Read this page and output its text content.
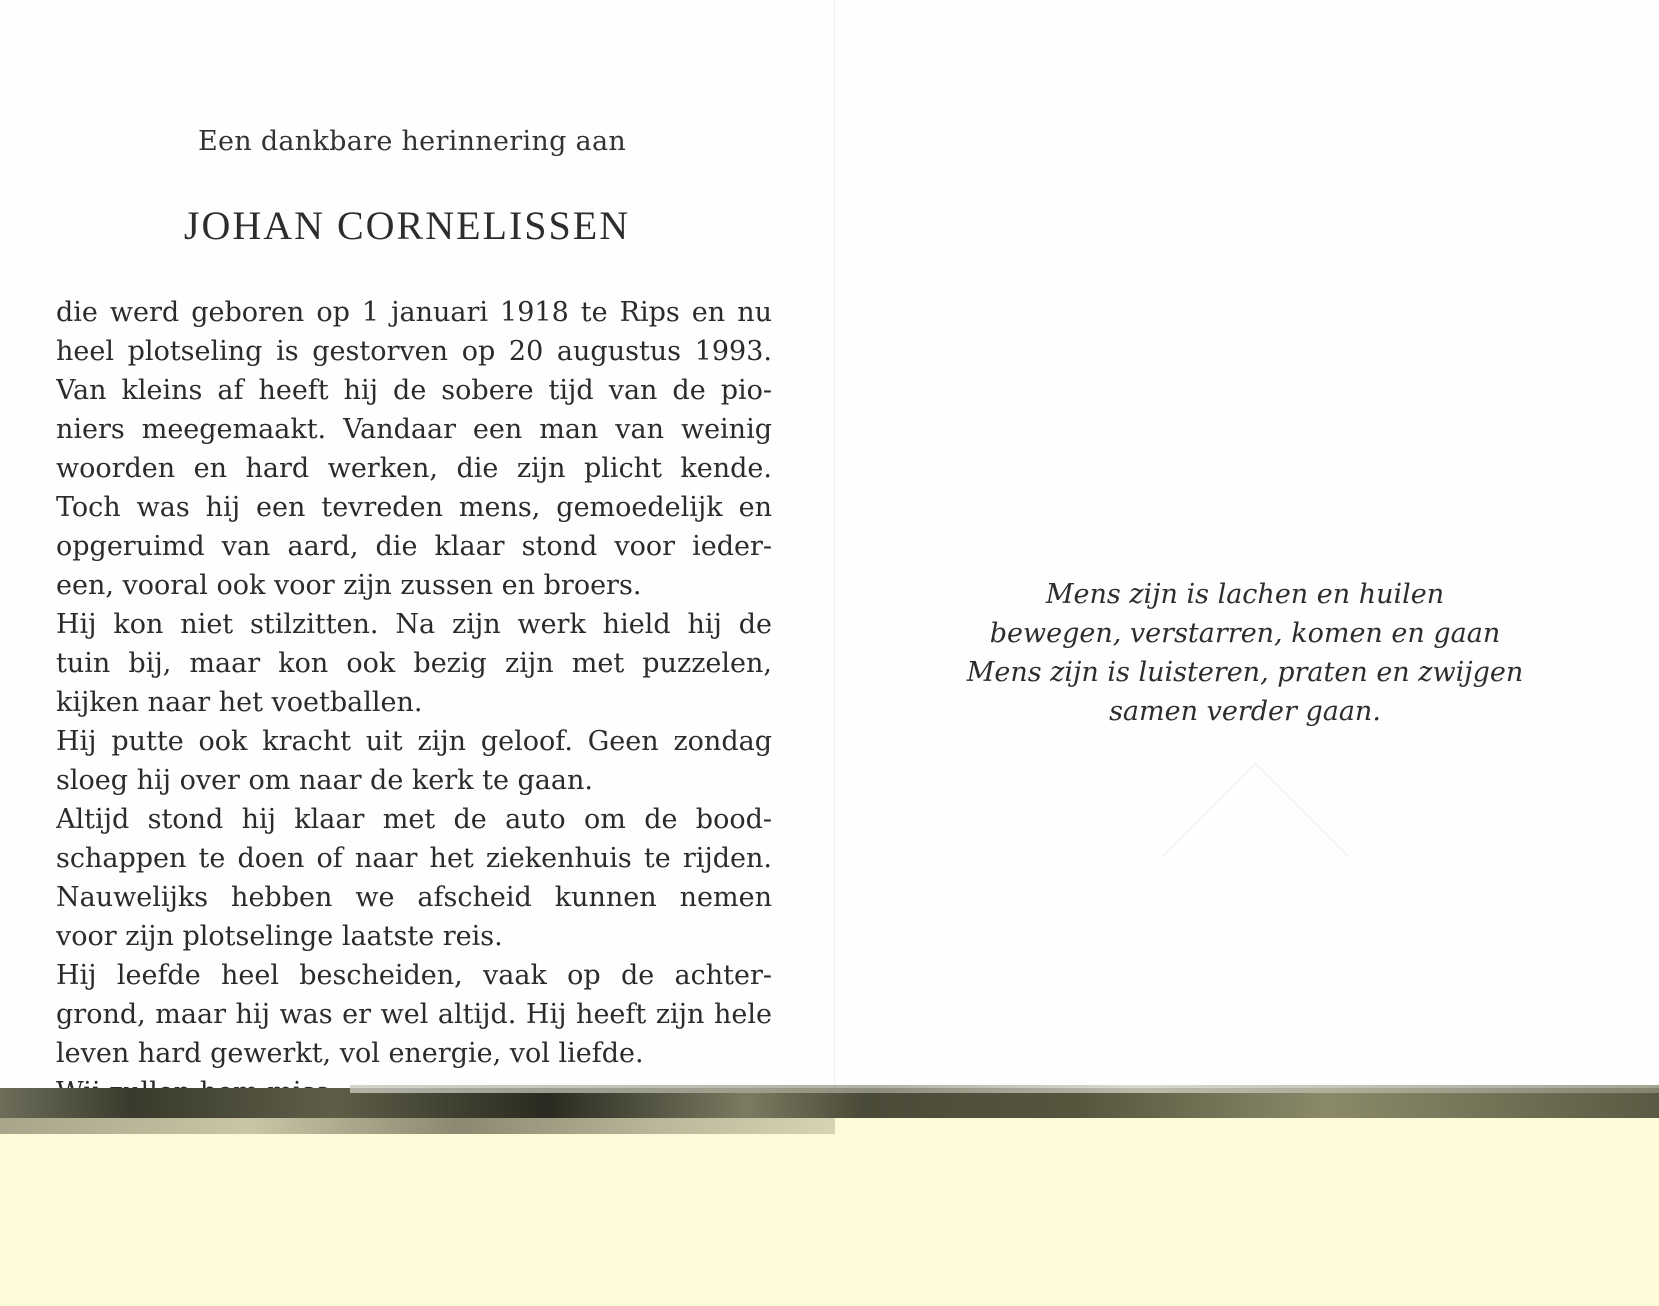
Een dankbare herinnering aan
JOHAN CORNELISSEN
die werd geboren op 1 januari 1918 te Rips en nu
heel plotseling is gestorven op 20 augustus 1993.
Van kleins af heeft hij de sobere tijd van de pio-
niers meegemaakt. Vandaar een man van weinig
woorden en hard werken, die zijn plicht kende.
Toch was hij een tevreden mens, gemoedelijk en
opgeruimd van aard, die klaar stond voor ieder-
een, vooral ook voor zijn zussen en broers.
Hij kon niet stilzitten. Na zijn werk hield hij de
tuin bij, maar kon ook bezig zijn met puzzelen,
kijken naar het voetballen.
Hij putte ook kracht uit zijn geloof. Geen zondag
sloeg hij over om naar de kerk te gaan.
Altijd stond hij klaar met de auto om de bood-
schappen te doen of naar het ziekenhuis te rijden.
Nauwelijks hebben we afscheid kunnen nemen
voor zijn plotselinge laatste reis.
Hij leefde heel bescheiden, vaak op de achter-
grond, maar hij was er wel altijd. Hij heeft zijn hele
leven hard gewerkt, vol energie, vol liefde.
Mens zijn is lachen en huilen
bewegen, verstarren, komen en gaan
Mens zijn is luisteren, praten en zwijgen
samen verder gaan.
